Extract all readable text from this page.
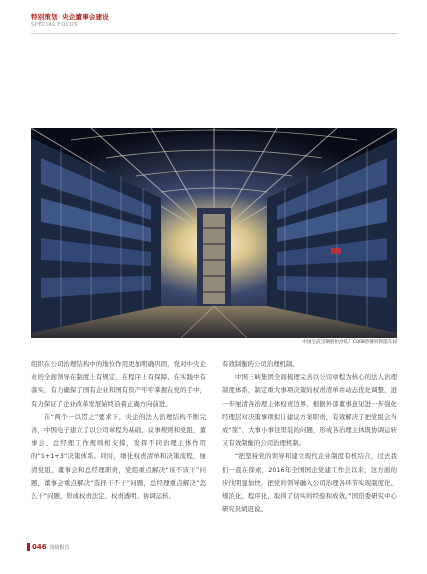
特别策划·央企董事会建设
SPECIAL FOCUS
中国宝武宝钢股份冷轧厂C008热镀锌智能车间

组织在公司治理结构中的地位作用更加明确巩固，党对中央企业的全面领导在制度上有规定、在程序上有保障、在实践中有落实，有力确保了国有企业和国有资产牢牢掌握在党的手中，有力保证了企业改革发展始终沿着正确方向前进。

在“两个一以贯之”要求下，央企的法人治理结构不断完善，中国电子建立了以公司章程为基础，议事规则和党组、董事会、总经理工作规则相支撑，发挥不同治理主体作用的“1+1+3”决策体系。同时，细化权责清单和决策流程，厘清党组、董事会和总经理职责，党组重点解决“该不该干”问题，董事会重点解决“选择干不干”问题，总经理重点解决“怎么干”问题，形成权责法定、权责透明、协调运转、

有效制衡的公司治理机制。

中国三峡集团全面梳理完善以公司章程为核心的法人治理制度体系，制定重大事项决策的权责清单并动态优化调整，进一步厘清各治理主体权责边界，根据外部董事意见进一步强化经理层对决策事项拟订建议方案职责，有效解决了把党组会当成“筐”、大事小事往里装的问题，形成各治理主体既协调运转又有效制衡的公司治理机制。

“把坚持党的领导和建立现代企业制度有机结合，过去我们一直在探索，2016年全国国企党建工作会以来，这方面的步伐明显加快，把党的领导融入公司治理各环节实现制度化、规范化、程序化，取得了切实的经验和成效。”国资委研究中心研究员胡迟说。

046 国资报告
